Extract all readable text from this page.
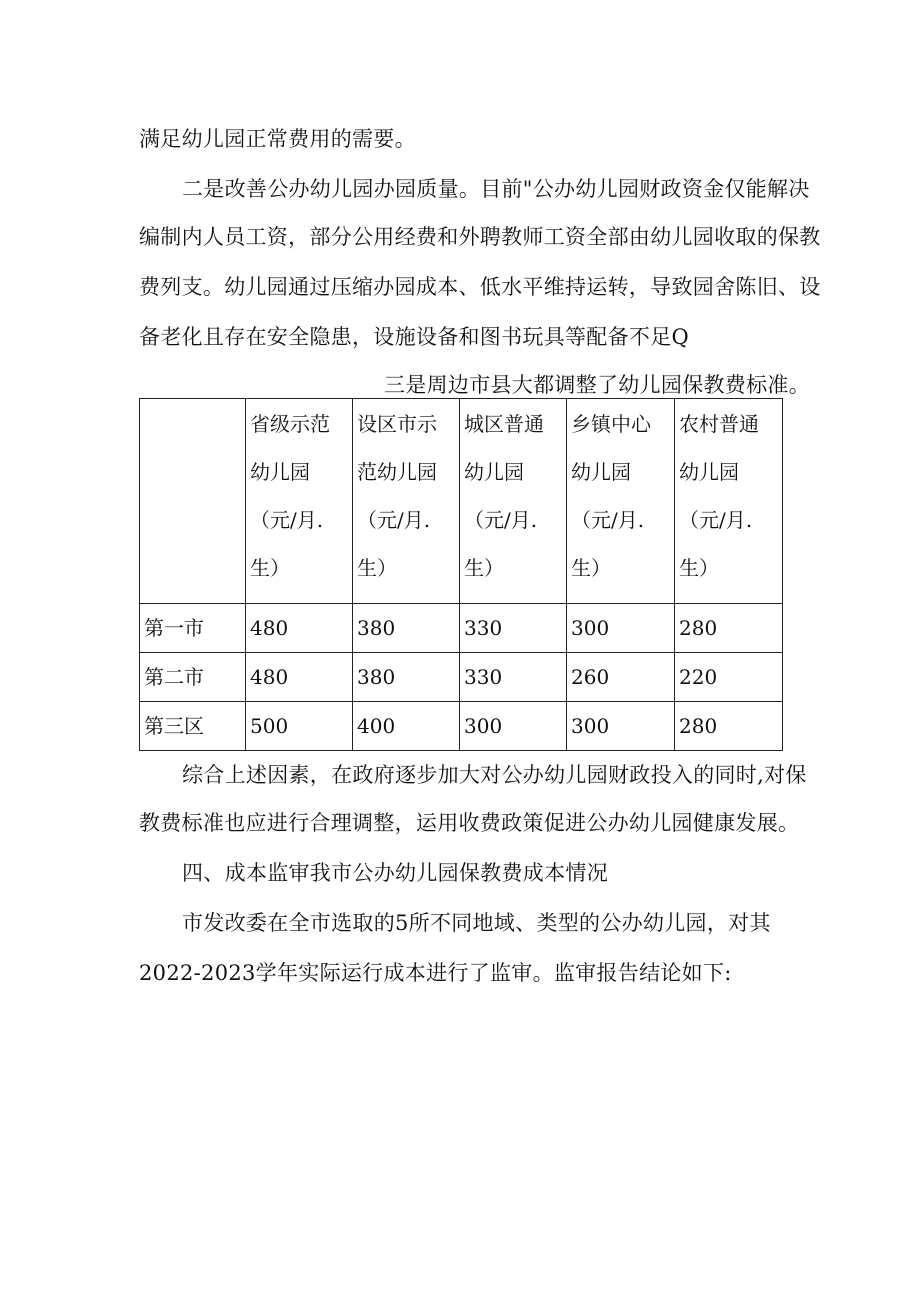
满足幼儿园正常费用的需要。
二是改善公办幼儿园办园质量。目前"公办幼儿园财政资金仅能解决
编制内人员工资，部分公用经费和外聘教师工资全部由幼儿园收取的保教
费列支。幼儿园通过压缩办园成本、低水平维持运转，导致园舍陈旧、设
备老化且存在安全隐患，设施设备和图书玩具等配备不足Q
三是周边市县大都调整了幼儿园保教费标准。

	省级示范
幼儿园
（元/月.
生）	设区市示
范幼儿园
（元/月.
生）	城区普通
幼儿园
（元/月.
生）	乡镇中心
幼儿园
（元/月.
生）	农村普通
幼儿园
（元/月.
生）

第一市	480	380	330	300	280
第二市	480	380	330	260	220
第三区	500	400	300	300	280
综合上述因素，在政府逐步加大对公办幼儿园财政投入的同时,对保
教费标准也应进行合理调整，运用收费政策促进公办幼儿园健康发展。
四、成本监审我市公办幼儿园保教费成本情况
市发改委在全市选取的5所不同地域、类型的公办幼儿园，对其
2022-2023学年实际运行成本进行了监审。监审报告结论如下:
